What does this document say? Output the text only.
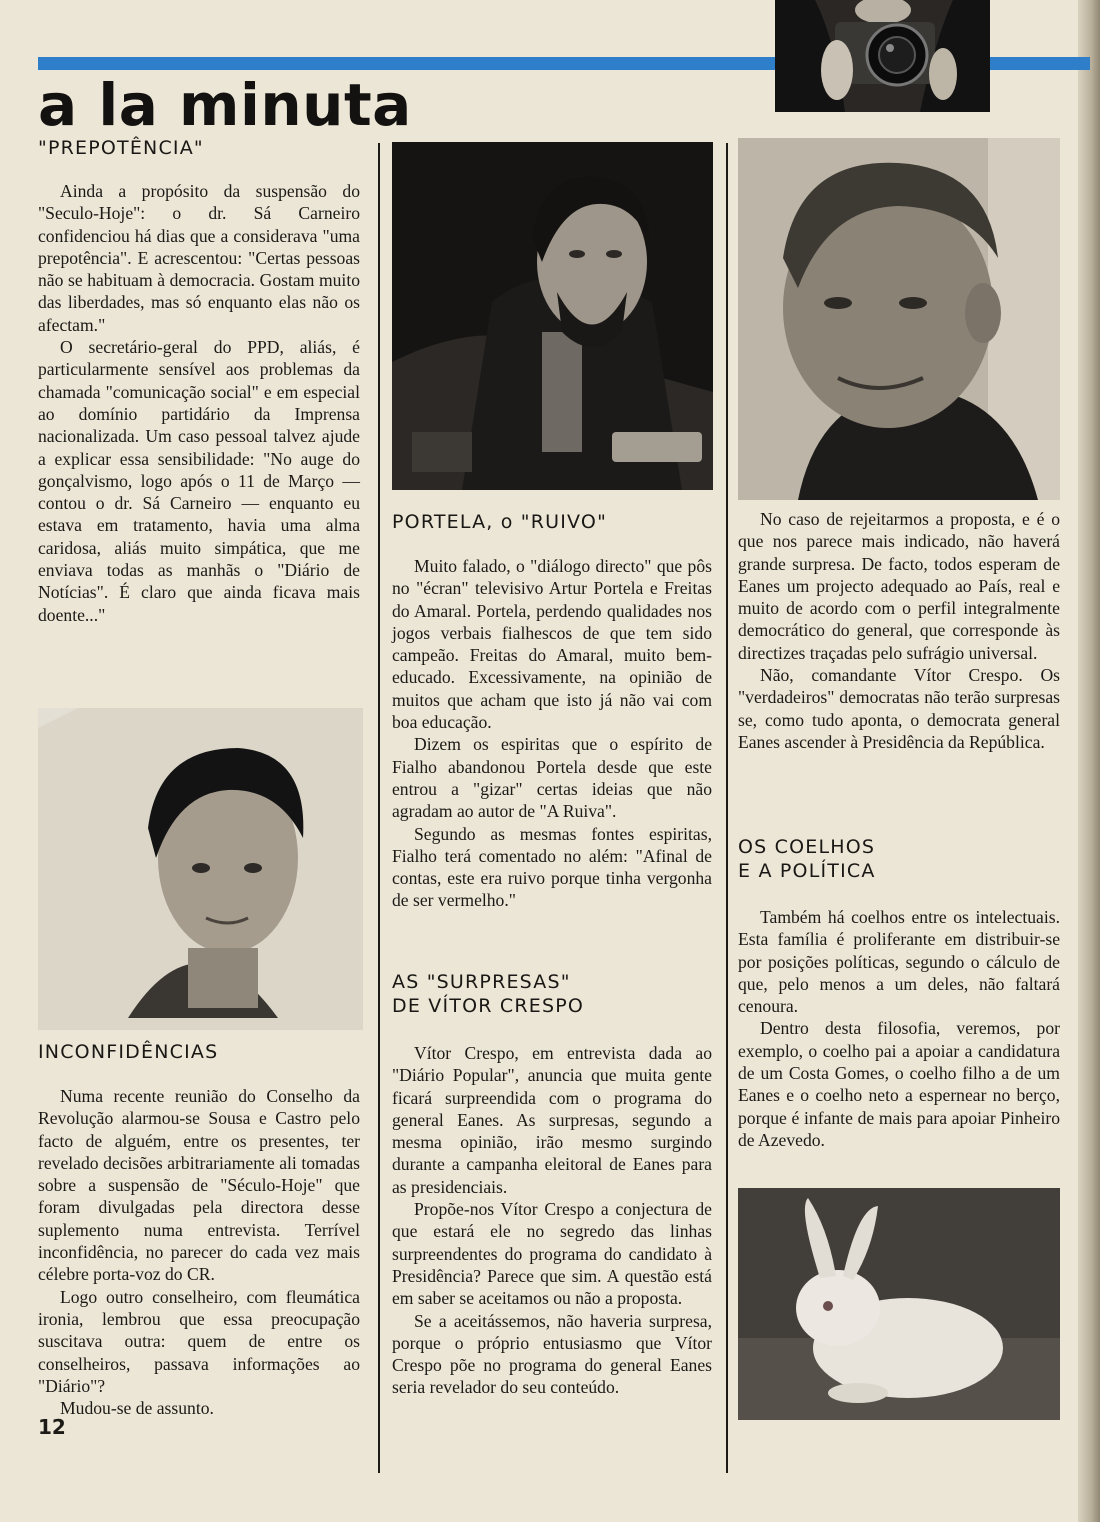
a la minuta
"PREPOTÊNCIA"

Ainda a propósito da suspensão do "Seculo-Hoje": o dr. Sá Carneiro confidenciou há dias que a considerava "uma prepotência". E acrescentou: "Certas pessoas não se habituam à democracia. Gostam muito das liberdades, mas só enquanto elas não os afectam."

O secretário-geral do PPD, aliás, é particularmente sensível aos problemas da chamada "comunicação social" e em especial ao domínio partidário da Imprensa nacionalizada. Um caso pessoal talvez ajude a explicar essa sensibilidade: "No auge do gonçalvismo, logo após o 11 de Março — contou o dr. Sá Carneiro — enquanto eu estava em tratamento, havia uma alma caridosa, aliás muito simpática, que me enviava todas as manhãs o "Diário de Notícias". É claro que ainda ficava mais doente..."

INCONFIDÊNCIAS

Numa recente reunião do Conselho da Revolução alarmou-se Sousa e Castro pelo facto de alguém, entre os presentes, ter revelado decisões arbitrariamente ali tomadas sobre a suspensão de "Século-Hoje" que foram divulgadas pela directora desse suplemento numa entrevista. Terrível inconfidência, no parecer do cada vez mais célebre porta-voz do CR.

Logo outro conselheiro, com fleumática ironia, lembrou que essa preocupação suscitava outra: quem de entre os conselheiros, passava informações ao "Diário"?

Mudou-se de assunto.

12
PORTELA, o "RUIVO"

Muito falado, o "diálogo directo" que pôs no "écran" televisivo Artur Portela e Freitas do Amaral. Portela, perdendo qualidades nos jogos verbais fialhescos de que tem sido campeão. Freitas do Amaral, muito bem-educado. Excessivamente, na opinião de muitos que acham que isto já não vai com boa educação.

Dizem os espiritas que o espírito de Fialho abandonou Portela desde que este entrou a "gizar" certas ideias que não agradam ao autor de "A Ruiva".

Segundo as mesmas fontes espiritas, Fialho terá comentado no além: "Afinal de contas, este era ruivo porque tinha vergonha de ser vermelho."

AS "SURPRESAS"
DE VÍTOR CRESPO

Vítor Crespo, em entrevista dada ao "Diário Popular", anuncia que muita gente ficará surpreendida com o programa do general Eanes. As surpresas, segundo a mesma opinião, irão mesmo surgindo durante a campanha eleitoral de Eanes para as presidenciais.

Propõe-nos Vítor Crespo a conjectura de que estará ele no segredo das linhas surpreendentes do programa do candidato à Presidência? Parece que sim. A questão está em saber se aceitamos ou não a proposta.

Se a aceitássemos, não haveria surpresa, porque o próprio entusiasmo que Vítor Crespo põe no programa do general Eanes seria revelador do seu conteúdo.

No caso de rejeitarmos a proposta, e é o que nos parece mais indicado, não haverá grande surpresa. De facto, todos esperam de Eanes um projecto adequado ao País, real e muito de acordo com o perfil integralmente democrático do general, que corresponde às directizes traçadas pelo sufrágio universal.

Não, comandante Vítor Crespo. Os "verdadeiros" democratas não terão surpresas se, como tudo aponta, o democrata general Eanes ascender à Presidência da República.

OS COELHOS
E A POLÍTICA

Também há coelhos entre os intelectuais. Esta família é proliferante em distribuir-se por posições políticas, segundo o cálculo de que, pelo menos a um deles, não faltará cenoura.

Dentro desta filosofia, veremos, por exemplo, o coelho pai a apoiar a candidatura de um Costa Gomes, o coelho filho a de um Eanes e o coelho neto a espernear no berço, porque é infante de mais para apoiar Pinheiro de Azevedo.
